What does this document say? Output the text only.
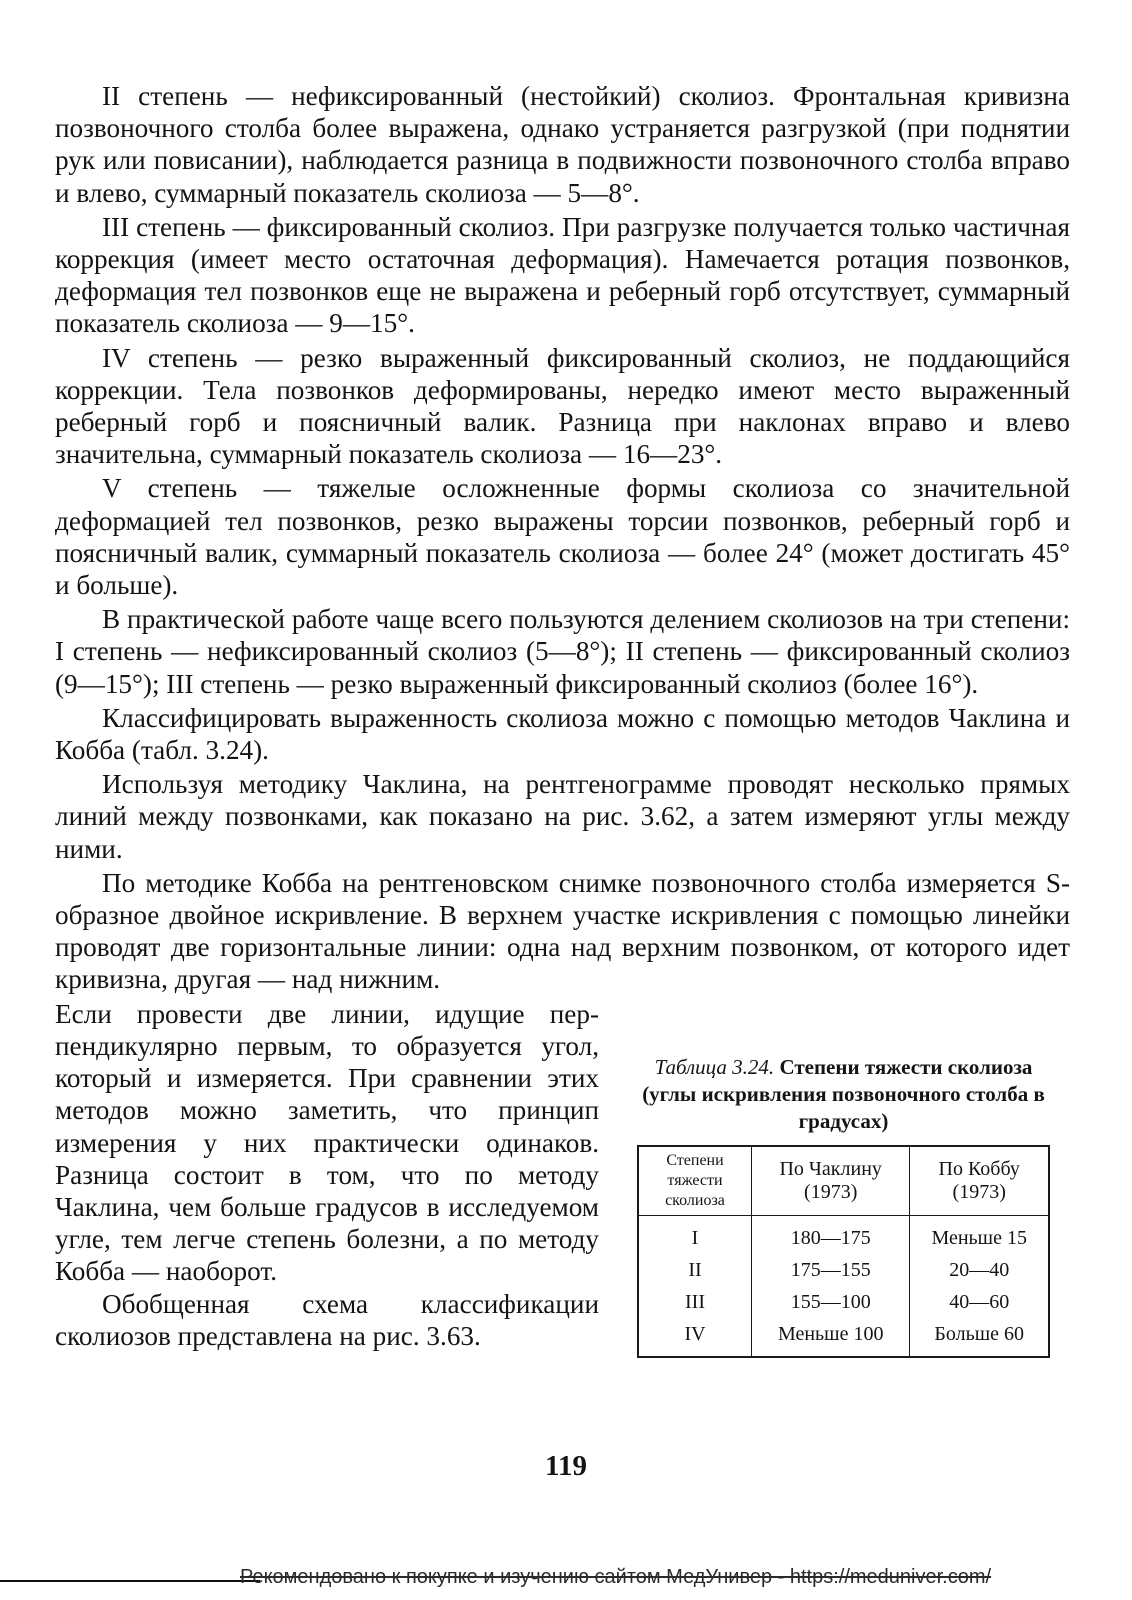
II степень — нефиксированный (нестойкий) сколиоз. Фронтальная кривизна позвоночного столба более выражена, однако устраняется разгрузкой (при поднятии рук или повисании), наблюдается разница в подвижности позвоночного столба вправо и влево, суммарный показатель сколиоза — 5—8°.

III степень — фиксированный сколиоз. При разгрузке получается только частичная коррекция (имеет место остаточная деформация). Намечается ротация позвонков, деформация тел позвонков еще не выражена и реберный горб отсутствует, суммарный показатель сколиоза — 9—15°.

IV степень — резко выраженный фиксированный сколиоз, не поддающийся коррекции. Тела позвонков деформированы, нередко имеют место выраженный реберный горб и поясничный валик. Разница при наклонах вправо и влево значительна, суммарный показатель сколиоза — 16—23°.

V степень — тяжелые осложненные формы сколиоза со значительной деформацией тел позвонков, резко выражены торсии позвонков, реберный горб и поясничный валик, суммарный показатель сколиоза — более 24° (может достигать 45° и больше).

В практической работе чаще всего пользуются делением сколиозов на три степени: I степень — нефиксированный сколиоз (5—8°); II степень — фиксированный сколиоз (9—15°); III степень — резко выраженный фиксированный сколиоз (более 16°).

Классифицировать выраженность сколиоза можно с помощью методов Чаклина и Кобба (табл. 3.24).

Используя методику Чаклина, на рентгенограмме проводят несколько прямых линий между позвонками, как показано на рис. 3.62, а затем измеряют углы между ними.

По методике Кобба на рентгеновском снимке позвоночного столба измеряется S-образное двойное искривление. В верхнем участке искривления с помощью линейки проводят две горизонтальные линии: одна над верхним позвонком, от которого идет кривизна, другая — над нижним.

Если провести две линии, идущие перпендикулярно первым, то образуется угол, который и измеряется. При сравнении этих методов можно заметить, что принцип измерения у них практически одинаков. Разница состоит в том, что по методу Чаклина, чем больше градусов в исследуемом угле, тем легче степень болезни, а по методу Кобба — наоборот.

Обобщенная схема классификации сколиозов представлена на рис. 3.63.

Таблица 3.24. Степени тяжести сколиоза (углы искривления позвоночного столба в градусах)
Степени тяжести сколиоза	По Чаклину (1973)	По Коббу (1973)
I	180—175	Меньше 15
II	175—155	20—40
III	155—100	40—60
IV	Меньше 100	Больше 60
119
Рекомендовано к покупке и изучению сайтом МедУнивер - https://meduniver.com/
